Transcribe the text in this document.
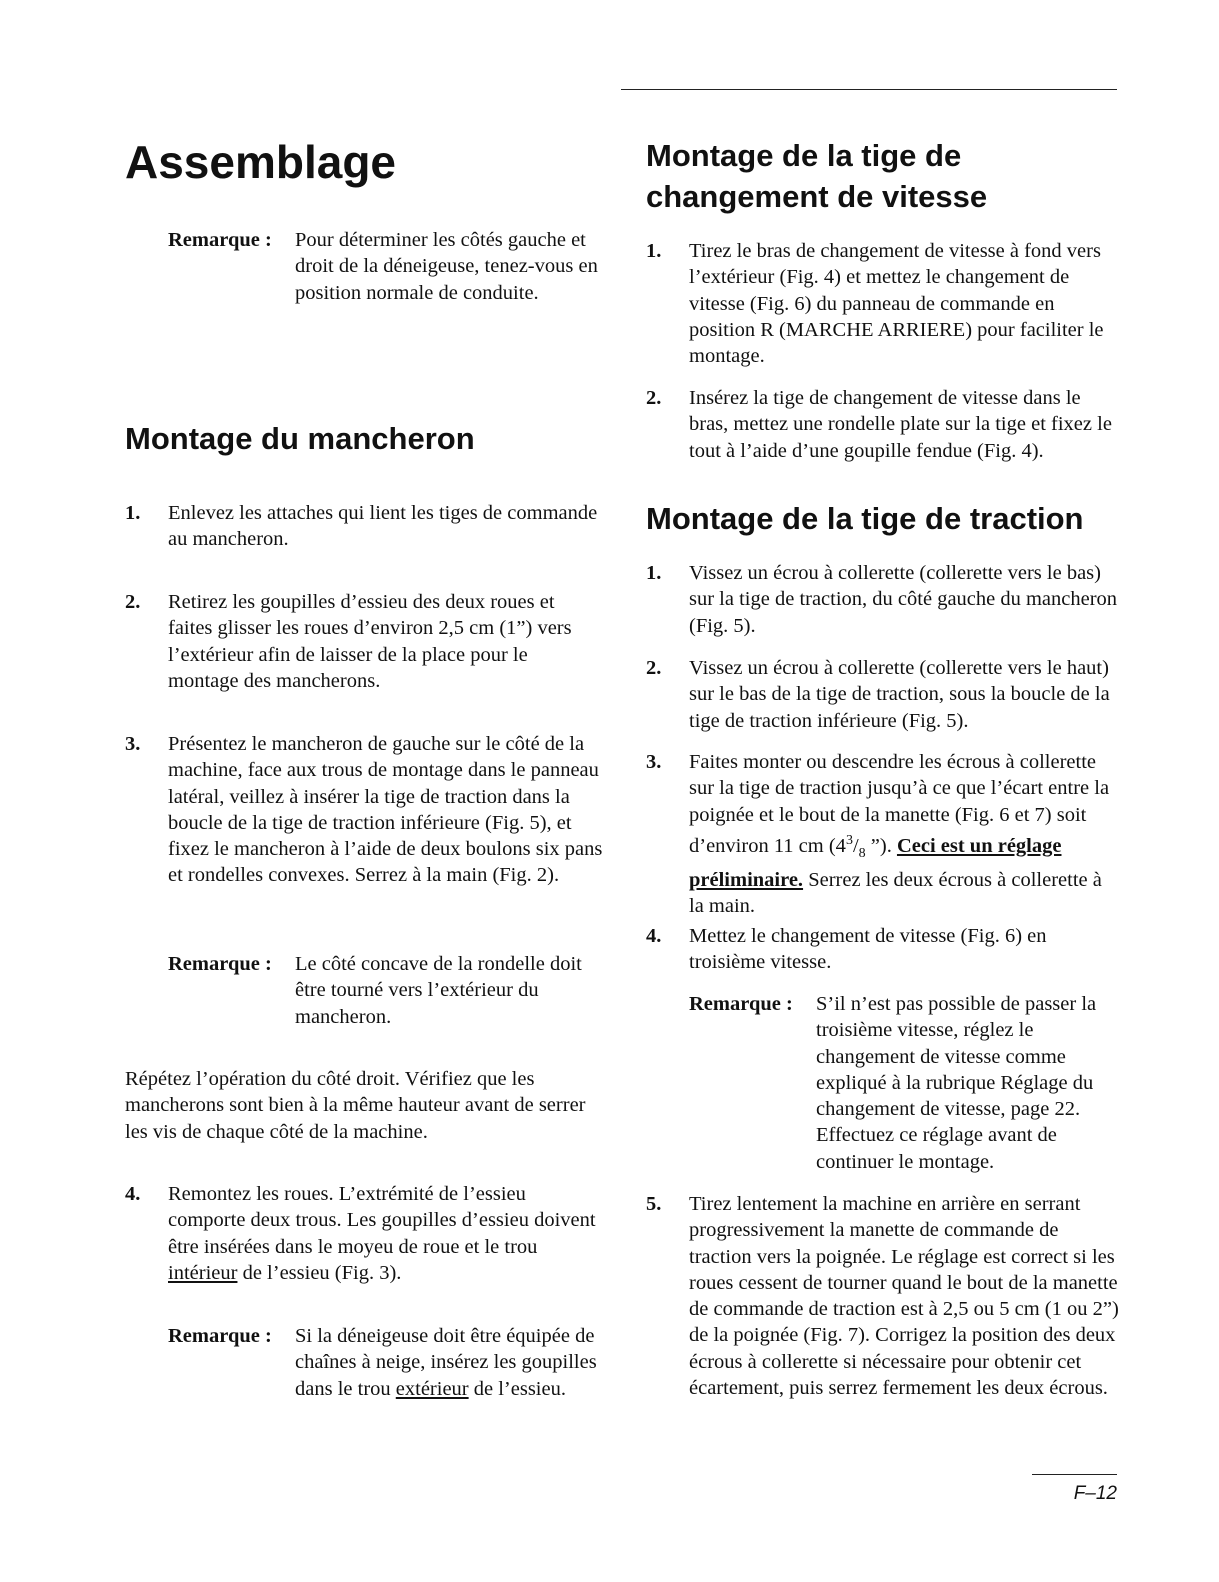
Assemblage
Remarque : Pour déterminer les côtés gauche et droit de la déneigeuse, tenez-vous en position normale de conduite.

Montage du mancheron
1. Enlevez les attaches qui lient les tiges de commande au mancheron.

2. Retirez les goupilles d’essieu des deux roues et faites glisser les roues d’environ 2,5 cm (1”) vers l’extérieur afin de laisser de la place pour le montage des mancherons.

3. Présentez le mancheron de gauche sur le côté de la machine, face aux trous de montage dans le panneau latéral, veillez à insérer la tige de traction dans la boucle de la tige de traction inférieure (Fig. 5), et fixez le mancheron à l’aide de deux boulons six pans et rondelles convexes. Serrez à la main (Fig. 2).

Remarque : Le côté concave de la rondelle doit être tourné vers l’extérieur du mancheron.

Répétez l’opération du côté droit. Vérifiez que les mancherons sont bien à la même hauteur avant de serrer les vis de chaque côté de la machine.

4. Remontez les roues. L’extrémité de l’essieu comporte deux trous. Les goupilles d’essieu doivent être insérées dans le moyeu de roue et le trou intérieur de l’essieu (Fig. 3).

Remarque : Si la déneigeuse doit être équipée de chaînes à neige, insérez les goupilles dans le trou extérieur de l’essieu.

Montage de la tige de
changement de vitesse
1. Tirez le bras de changement de vitesse à fond vers l’extérieur (Fig. 4) et mettez le changement de vitesse (Fig. 6) du panneau de commande en position R (MARCHE ARRIERE) pour faciliter le montage.

2. Insérez la tige de changement de vitesse dans le bras, mettez une rondelle plate sur la tige et fixez le tout à l’aide d’une goupille fendue (Fig. 4).

Montage de la tige de traction
1. Vissez un écrou à collerette (collerette vers le bas) sur la tige de traction, du côté gauche du mancheron (Fig. 5).

2. Vissez un écrou à collerette (collerette vers le haut) sur le bas de la tige de traction, sous la boucle de la tige de traction inférieure (Fig. 5).

3. Faites monter ou descendre les écrous à collerette sur la tige de traction jusqu’à ce que l’écart entre la poignée et le bout de la manette (Fig. 6 et 7) soit d’environ 11 cm ($4^3/_8$ ”). Ceci est un réglage préliminaire. Serrez les deux écrous à collerette à la main.

4. Mettez le changement de vitesse (Fig. 6) en troisième vitesse.

Remarque : S’il n’est pas possible de passer la troisième vitesse, réglez le changement de vitesse comme expliqué à la rubrique Réglage du changement de vitesse, page 22. Effectuez ce réglage avant de continuer le montage.

5. Tirez lentement la machine en arrière en serrant progressivement la manette de commande de traction vers la poignée. Le réglage est correct si les roues cessent de tourner quand le bout de la manette de commande de traction est à 2,5 ou 5 cm (1 ou 2”) de la poignée (Fig. 7). Corrigez la position des deux écrous à collerette si nécessaire pour obtenir cet écartement, puis serrez fermement les deux écrous.

F–12
